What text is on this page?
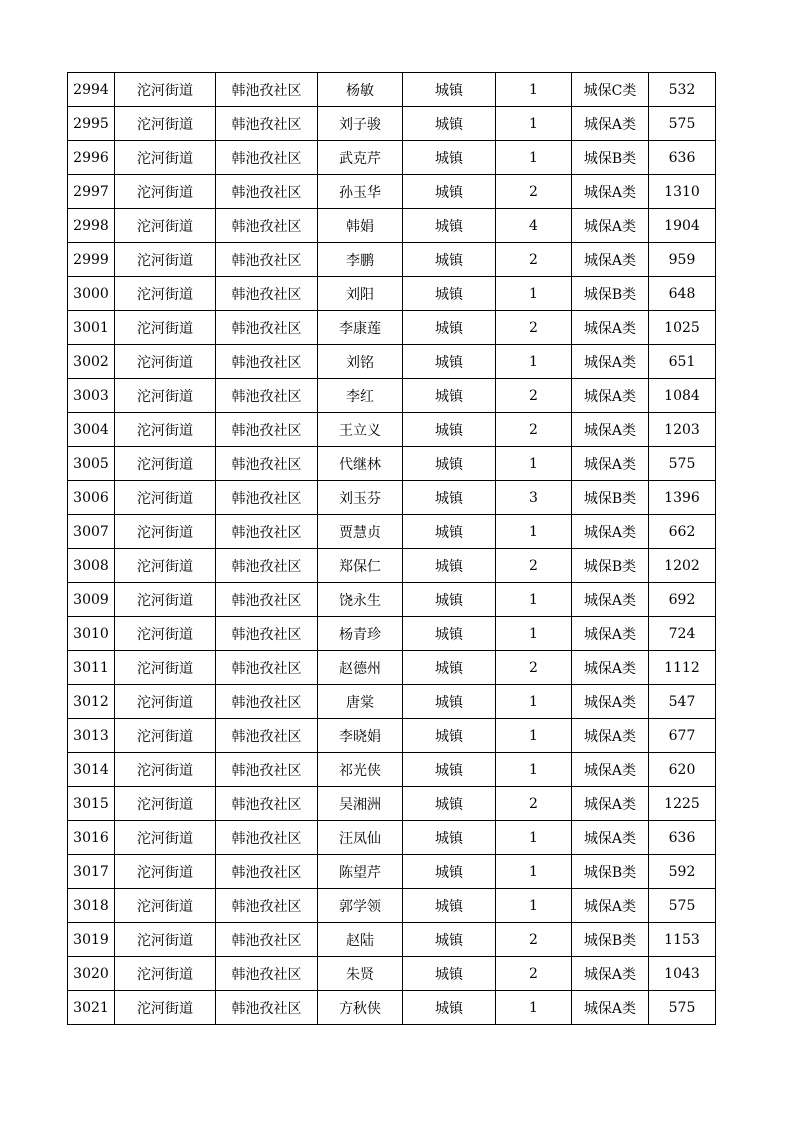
2994	沱河街道	韩池孜社区	杨敏	城镇	1	城保C类	532
2995	沱河街道	韩池孜社区	刘子骏	城镇	1	城保A类	575
2996	沱河街道	韩池孜社区	武克芹	城镇	1	城保B类	636
2997	沱河街道	韩池孜社区	孙玉华	城镇	2	城保A类	1310
2998	沱河街道	韩池孜社区	韩娟	城镇	4	城保A类	1904
2999	沱河街道	韩池孜社区	李鹏	城镇	2	城保A类	959
3000	沱河街道	韩池孜社区	刘阳	城镇	1	城保B类	648
3001	沱河街道	韩池孜社区	李康莲	城镇	2	城保A类	1025
3002	沱河街道	韩池孜社区	刘铭	城镇	1	城保A类	651
3003	沱河街道	韩池孜社区	李红	城镇	2	城保A类	1084
3004	沱河街道	韩池孜社区	王立义	城镇	2	城保A类	1203
3005	沱河街道	韩池孜社区	代继林	城镇	1	城保A类	575
3006	沱河街道	韩池孜社区	刘玉芬	城镇	3	城保B类	1396
3007	沱河街道	韩池孜社区	贾慧贞	城镇	1	城保A类	662
3008	沱河街道	韩池孜社区	郑保仁	城镇	2	城保B类	1202
3009	沱河街道	韩池孜社区	饶永生	城镇	1	城保A类	692
3010	沱河街道	韩池孜社区	杨青珍	城镇	1	城保A类	724
3011	沱河街道	韩池孜社区	赵德州	城镇	2	城保A类	1112
3012	沱河街道	韩池孜社区	唐棠	城镇	1	城保A类	547
3013	沱河街道	韩池孜社区	李晓娟	城镇	1	城保A类	677
3014	沱河街道	韩池孜社区	祁光侠	城镇	1	城保A类	620
3015	沱河街道	韩池孜社区	吴湘洲	城镇	2	城保A类	1225
3016	沱河街道	韩池孜社区	汪凤仙	城镇	1	城保A类	636
3017	沱河街道	韩池孜社区	陈望芹	城镇	1	城保B类	592
3018	沱河街道	韩池孜社区	郭学领	城镇	1	城保A类	575
3019	沱河街道	韩池孜社区	赵陆	城镇	2	城保B类	1153
3020	沱河街道	韩池孜社区	朱贤	城镇	2	城保A类	1043
3021	沱河街道	韩池孜社区	方秋侠	城镇	1	城保A类	575
